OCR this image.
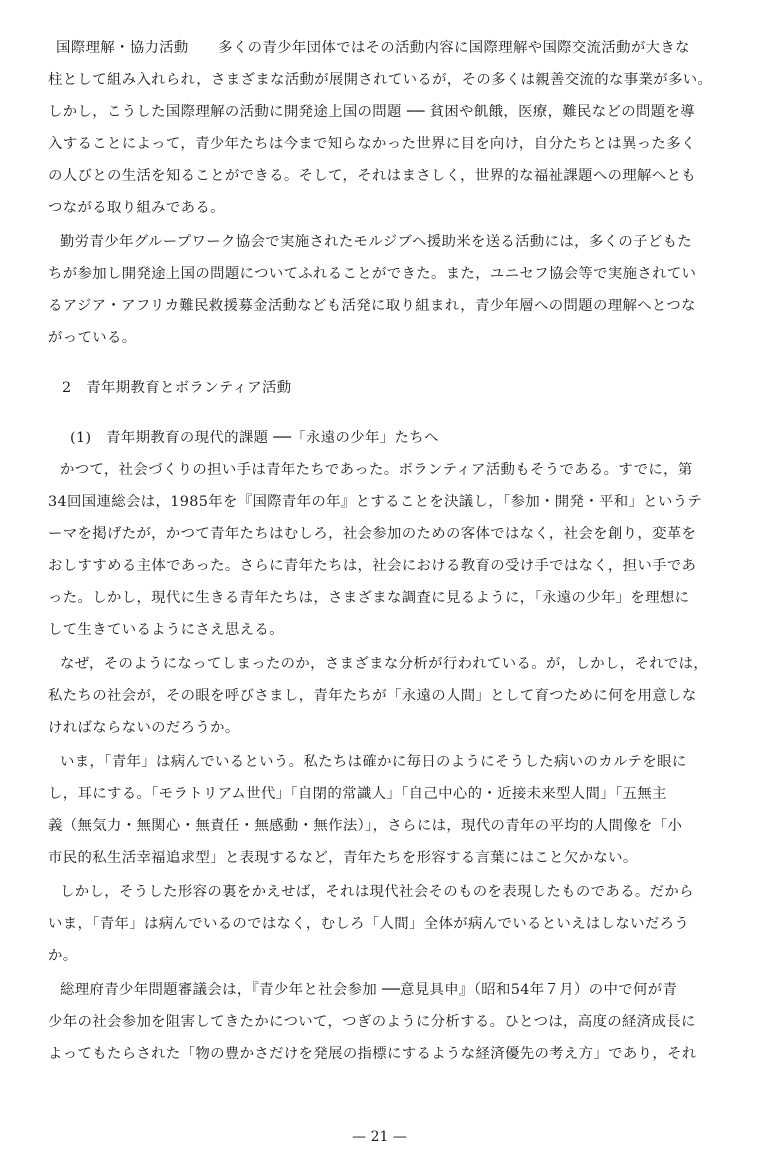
国際理解・協力活動　　多くの青少年団体ではその活動内容に国際理解や国際交流活動が大きな
柱として組み入れられ，さまざまな活動が展開されているが，その多くは親善交流的な事業が多い。
しかし，こうした国際理解の活動に開発途上国の問題 ── 貧困や飢餓，医療，難民などの問題を導
入することによって，青少年たちは今まで知らなかった世界に目を向け，自分たちとは異った多く
の人びとの生活を知ることができる。そして，それはまさしく，世界的な福祉課題への理解へとも
つながる取り組みである。
勤労青少年グループワーク協会で実施されたモルジブへ援助米を送る活動には，多くの子どもた
ちが参加し開発途上国の問題についてふれることができた。また，ユニセフ協会等で実施されてい
るアジア・アフリカ難民救援募金活動なども活発に取り組まれ，青少年層への問題の理解へとつな
がっている。
2　青年期教育とボランティア活動
(1)　青年期教育の現代的課題 ──「永遠の少年」たちへ
かつて，社会づくりの担い手は青年たちであった。ボランティア活動もそうである。すでに，第
34回国連総会は，1985年を『国際青年の年』とすることを決議し，「参加・開発・平和」というテ
ーマを掲げたが，かつて青年たちはむしろ，社会参加のための客体ではなく，社会を創り，変革を
おしすすめる主体であった。さらに青年たちは，社会における教育の受け手ではなく，担い手であ
った。しかし，現代に生きる青年たちは，さまざまな調査に見るように，「永遠の少年」を理想に
して生きているようにさえ思える。
なぜ，そのようになってしまったのか，さまざまな分析が行われている。が，しかし，それでは，
私たちの社会が，その眼を呼びさまし，青年たちが「永遠の人間」として育つために何を用意しな
ければならないのだろうか。
いま，「青年」は病んでいるという。私たちは確かに毎日のようにそうした病いのカルテを眼に
し，耳にする。「モラトリアム世代」「自閉的常識人」「自己中心的・近接未来型人間」「五無主
義（無気力・無関心・無責任・無感動・無作法）」，さらには，現代の青年の平均的人間像を「小
市民的私生活幸福追求型」と表現するなど，青年たちを形容する言葉にはこと欠かない。
しかし，そうした形容の裏をかえせば，それは現代社会そのものを表現したものである。だから
いま，「青年」は病んでいるのではなく，むしろ「人間」全体が病んでいるといえはしないだろう
か。
総理府青少年問題審議会は，『青少年と社会参加 ──意見具申』（昭和54年７月）の中で何が青
少年の社会参加を阻害してきたかについて，つぎのように分析する。ひとつは，高度の経済成長に
よってもたらされた「物の豊かさだけを発展の指標にするような経済優先の考え方」であり，それ
— 21 —
